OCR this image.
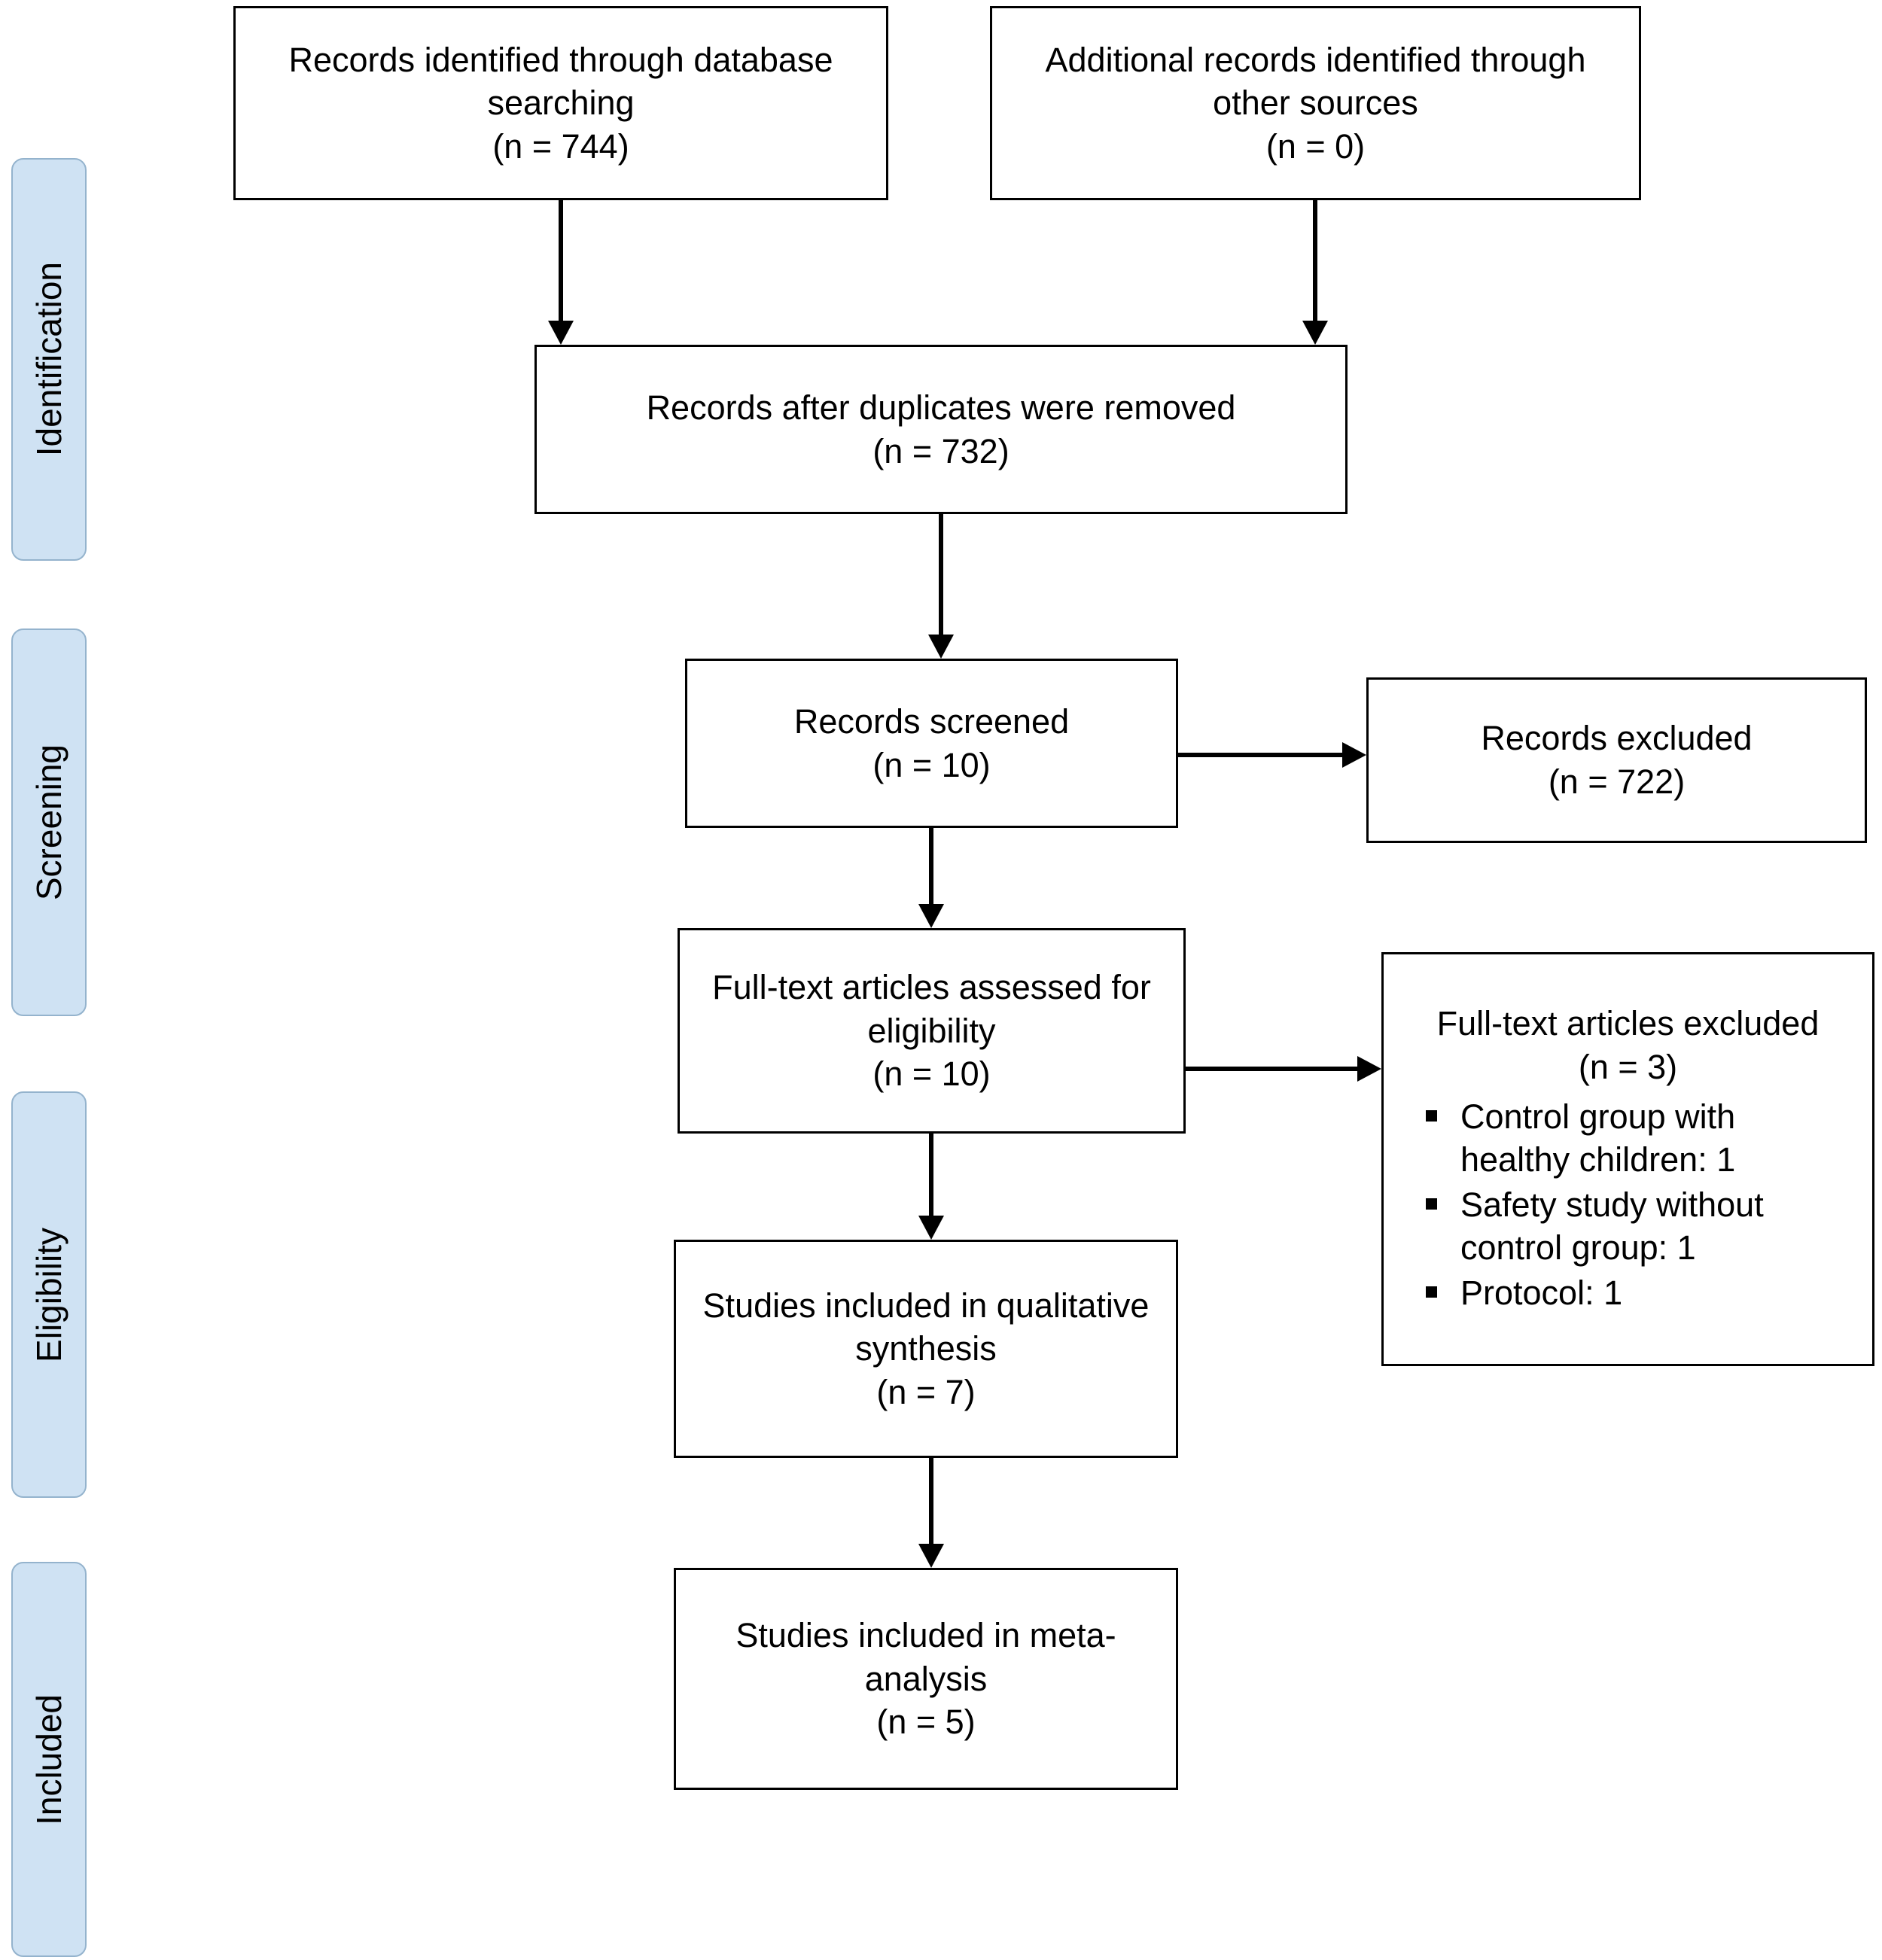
Identification
Screening
Eligibility
Included
Records identified through database searching
(n = 744)
Additional records identified through other sources
(n = 0)
Records after duplicates were removed
(n = 732)
Records screened
(n = 10)
Records excluded
(n = 722)
Full-text articles assessed for eligibility
(n = 10)
Full-text articles excluded
(n = 3)
Control group with healthy children: 1
Safety study without control group: 1
Protocol: 1
Studies included in qualitative synthesis
(n = 7)
Studies included in meta-analysis
(n = 5)
